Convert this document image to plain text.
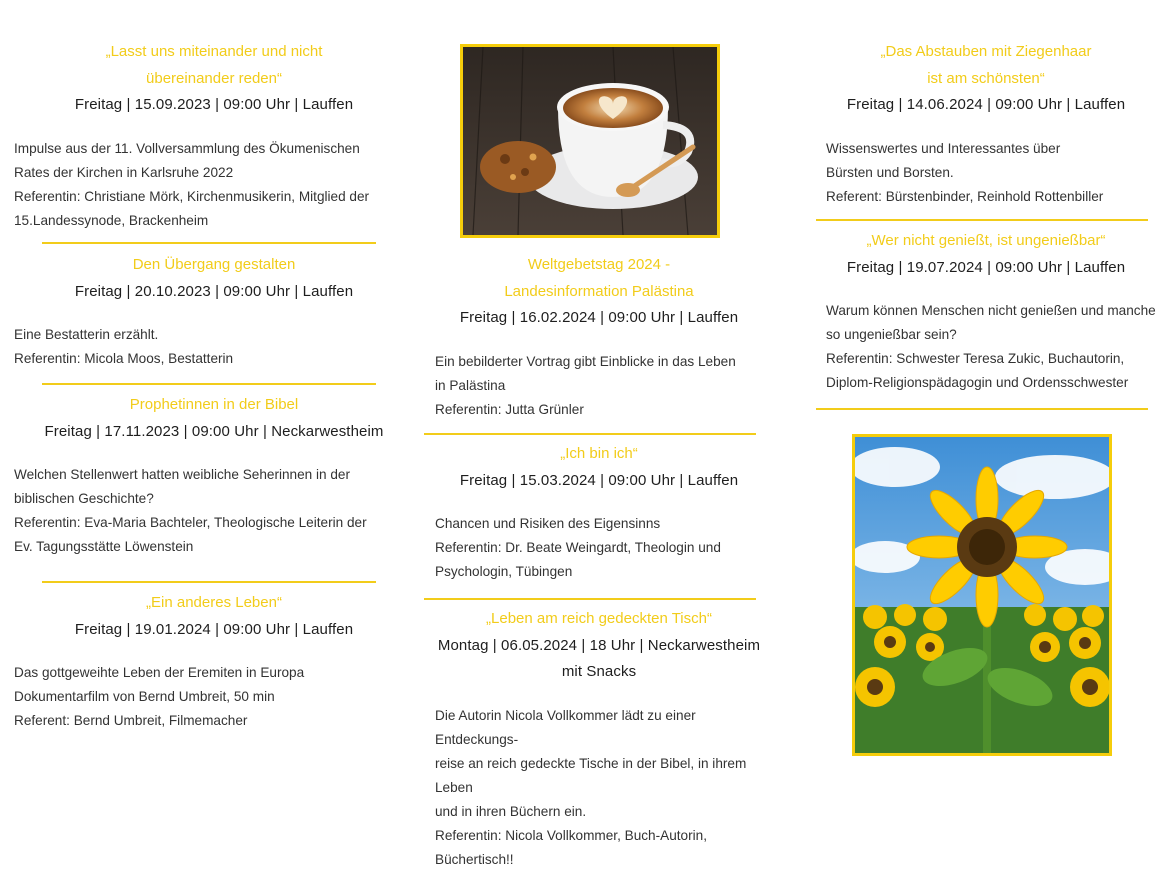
„Lasst uns miteinander und nicht
übereinander reden“
Freitag | 15.09.2023 | 09:00 Uhr | Lauffen
Impulse aus der 11. Vollversammlung des Ökumenischen
Rates der Kirchen in Karlsruhe 2022
Referentin: Christiane Mörk, Kirchenmusikerin, Mitglied der
15.Landessynode, Brackenheim
Den Übergang gestalten
Freitag | 20.10.2023 | 09:00 Uhr | Lauffen
Eine Bestatterin erzählt.
Referentin: Micola Moos, Bestatterin
Prophetinnen in der Bibel
Freitag | 17.11.2023 | 09:00 Uhr | Neckarwestheim
Welchen Stellenwert hatten weibliche Seherinnen in der
biblischen Geschichte?
Referentin: Eva-Maria Bachteler, Theologische Leiterin der
Ev. Tagungsstätte Löwenstein
„Ein anderes Leben“
Freitag | 19.01.2024 | 09:00 Uhr | Lauffen
Das gottgeweihte Leben der Eremiten in Europa
Dokumentarfilm von Bernd Umbreit, 50 min
Referent: Bernd Umbreit, Filmemacher
Weltgebetstag 2024 -
Landesinformation Palästina
Freitag | 16.02.2024 | 09:00 Uhr | Lauffen
Ein bebilderter Vortrag gibt Einblicke in das Leben
in Palästina
Referentin: Jutta Grünler
„Ich bin ich“
Freitag | 15.03.2024 | 09:00 Uhr | Lauffen
Chancen und Risiken des Eigensinns
Referentin: Dr. Beate Weingardt, Theologin und
Psychologin, Tübingen
„Leben am reich gedeckten Tisch“
Montag | 06.05.2024 | 18 Uhr | Neckarwestheim
mit Snacks
Die Autorin Nicola Vollkommer lädt zu einer Entdeckungs-
reise an reich gedeckte Tische in der Bibel, in ihrem Leben
und in ihren Büchern ein.
Referentin: Nicola Vollkommer, Buch-Autorin, Büchertisch!!
„Das Abstauben mit Ziegenhaar
ist am schönsten“
Freitag | 14.06.2024 | 09:00 Uhr | Lauffen
Wissenswertes und Interessantes über
Bürsten und Borsten.
Referent: Bürstenbinder, Reinhold Rottenbiller
„Wer nicht genießt, ist ungenießbar“
Freitag | 19.07.2024 | 09:00 Uhr | Lauffen
Warum können Menschen nicht genießen und manche
so ungenießbar sein?
Referentin: Schwester Teresa Zukic, Buchautorin,
Diplom-Religionspädagogin und Ordensschwester
